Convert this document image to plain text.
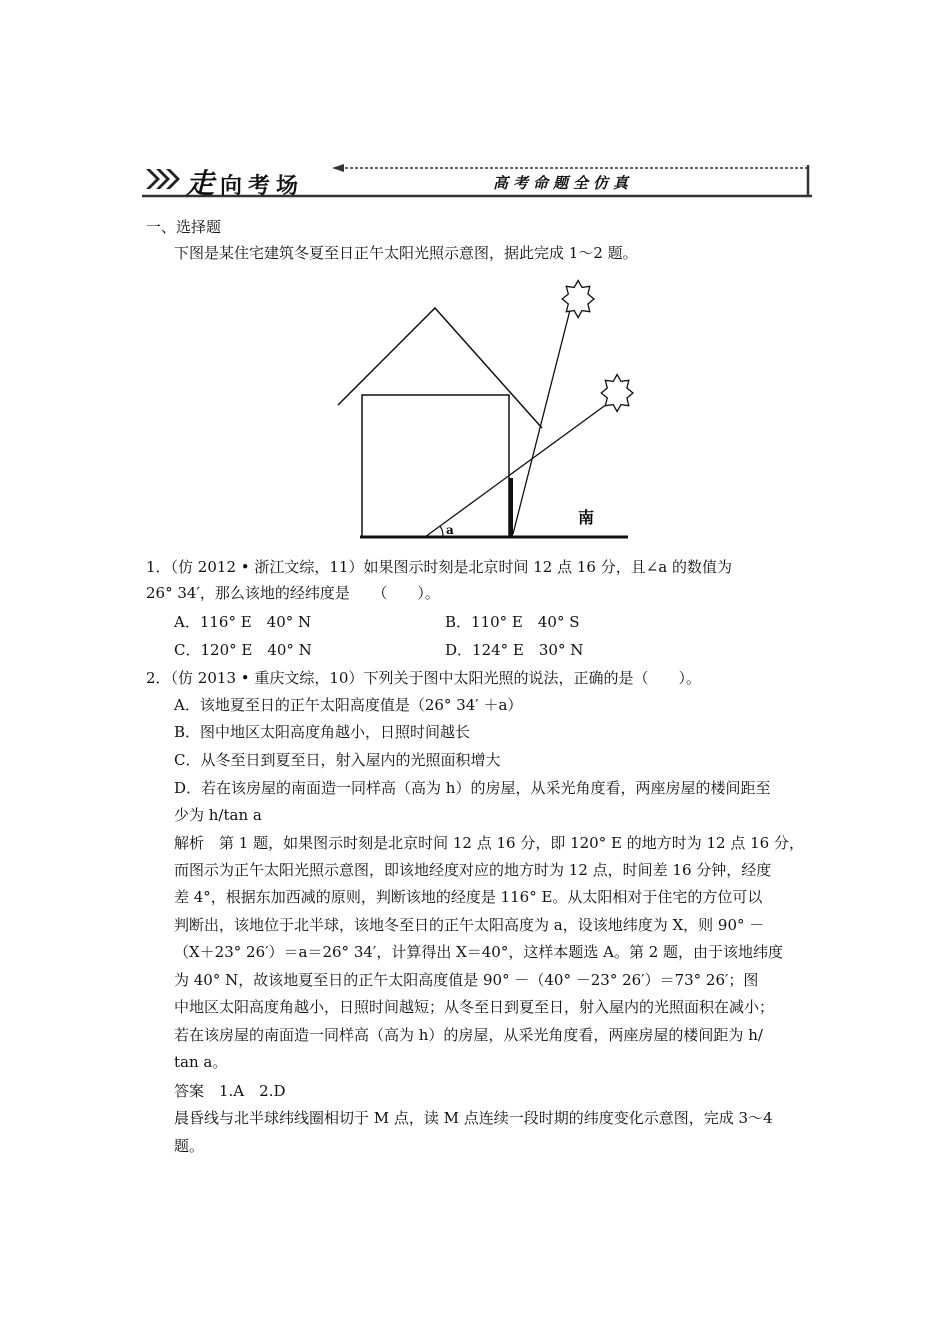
走向考场	高考命题全仿真
一、选择题
下图是某住宅建筑冬夏至日正午太阳光照示意图，据此完成 1～2 题。
a
南
1．（仿 2012 • 浙江文综，11）如果图示时刻是北京时间 12 点 16 分，且∠a 的数值为
26° 34′，那么该地的经纬度是　　（　　）。
A．116° E　40° N	B．110° E　40° S
C．120° E　40° N	D．124° E　30° N
2．（仿 2013 • 重庆文综，10）下列关于图中太阳光照的说法，正确的是（　　）。
A．该地夏至日的正午太阳高度值是（26° 34′ ＋a）
B．图中地区太阳高度角越小，日照时间越长
C．从冬至日到夏至日，射入屋内的光照面积增大
D．若在该房屋的南面造一同样高（高为 h）的房屋，从采光角度看，两座房屋的楼间距至
少为 h/tan a
解析　第 1 题，如果图示时刻是北京时间 12 点 16 分，即 120° E 的地方时为 12 点 16 分，
而图示为正午太阳光照示意图，即该地经度对应的地方时为 12 点，时间差 16 分钟，经度
差 4°，根据东加西减的原则，判断该地的经度是 116° E。从太阳相对于住宅的方位可以
判断出，该地位于北半球，该地冬至日的正午太阳高度为 a，设该地纬度为 X，则 90° －
（X＋23° 26′）＝a＝26° 34′，计算得出 X＝40°，这样本题选 A。第 2 题，由于该地纬度
为 40° N，故该地夏至日的正午太阳高度值是 90° －（40° －23° 26′）＝73° 26′；图
中地区太阳高度角越小，日照时间越短；从冬至日到夏至日，射入屋内的光照面积在减小；
若在该房屋的南面造一同样高（高为 h）的房屋，从采光角度看，两座房屋的楼间距为 h/
tan a。
答案　1.A　2.D
晨昏线与北半球纬线圈相切于 M 点，读 M 点连续一段时期的纬度变化示意图，完成 3～4
题。
